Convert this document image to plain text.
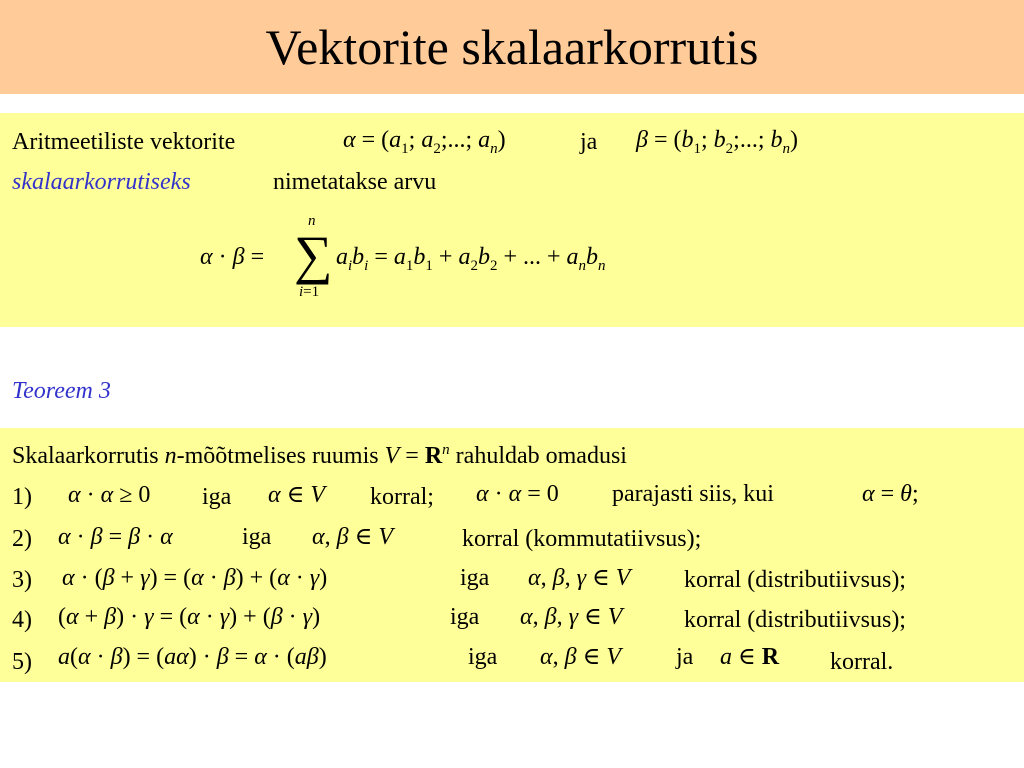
Vektorite skalaarkorrutis
Aritmeetiliste vektorite	$\alpha = (a_1$; $a_2$;...; $a_n$)	ja $\beta = (b_1$; $b_2$;...; $b_n$)
skalaarkorrutiseks	nimetatakse arvu
α · β =
n
∑
i=1
$a_ib_i = a_1b_1 + a_2b_2$ + ... + $a_nb_n$
Teoreem 3
Skalaarkorrutis n-mõõtmelises ruumis $V = R^n$ rahuldab omadusi
1) α · α ≥ 0 iga α ∈ V korral; α · α = 0 parajasti siis, kui	α = θ;
2) α · β = β · α	iga α, β ∈ V	korral (kommutatiivsus);
3) α · (β + γ) = (α · β) + (α · γ)	iga α, β, γ ∈ V korral (distributiivsus);
4) (α + β) · γ = (α · γ) + (β · γ)	iga α, β, γ ∈ V	korral (distributiivsus);
5) a(α · β) = (aα) · β = α · (aβ)	iga α, β ∈ V ja a ∈ R korral.
